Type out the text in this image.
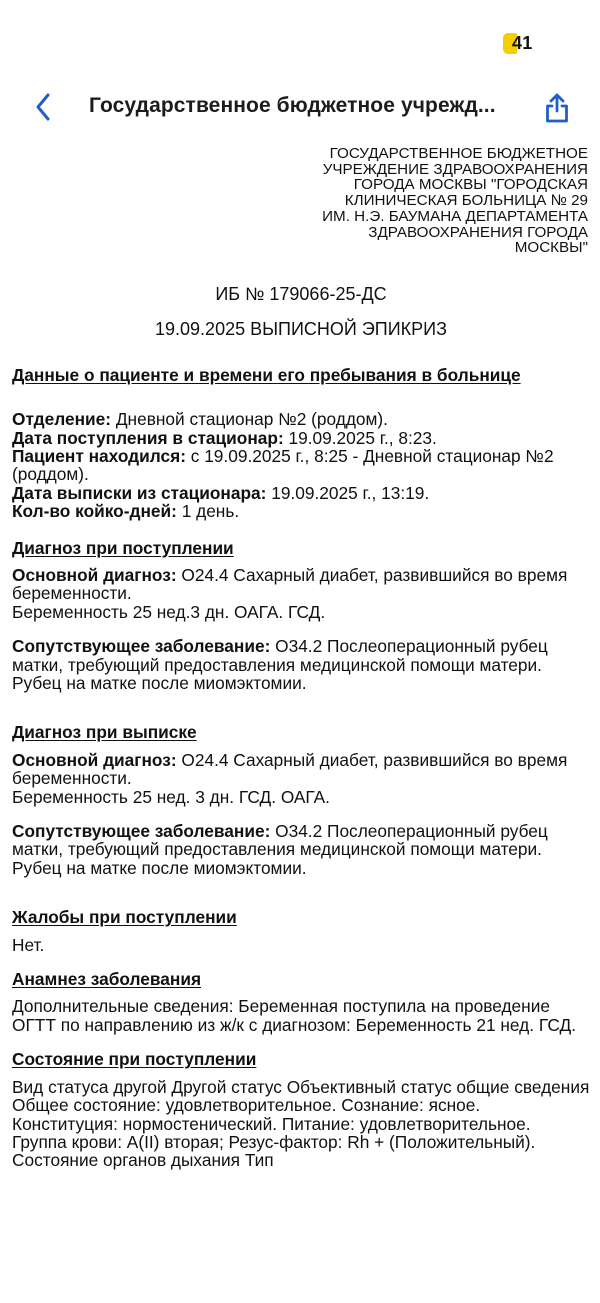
41
Государственное бюджетное учрежд...
ГОСУДАРСТВЕННОЕ БЮДЖЕТНОЕ
УЧРЕЖДЕНИЕ ЗДРАВООХРАНЕНИЯ
ГОРОДА МОСКВЫ "ГОРОДСКАЯ
КЛИНИЧЕСКАЯ БОЛЬНИЦА № 29
ИМ. Н.Э. БАУМАНА ДЕПАРТАМЕНТА
ЗДРАВООХРАНЕНИЯ ГОРОДА
МОСКВЫ"
ИБ № 179066-25-ДС
19.09.2025 ВЫПИСНОЙ ЭПИКРИЗ
Данные о пациенте и времени его пребывания в больнице
Отделение: Дневной стационар №2 (роддом).
Дата поступления в стационар: 19.09.2025 г., 8:23.
Пациент находился: с 19.09.2025 г., 8:25 - Дневной стационар №2 (роддом).
Дата выписки из стационара: 19.09.2025 г., 13:19.
Кол-во койко-дней: 1 день.
Диагноз при поступлении
Основной диагноз: O24.4 Сахарный диабет, развившийся во время беременности.
Беременность 25 нед.3 дн. ОАГА. ГСД.
Сопутствующее заболевание: O34.2 Послеоперационный рубец матки, требующий предоставления медицинской помощи матери.
Рубец на матке после миомэктомии.
Диагноз при выписке
Основной диагноз: O24.4 Сахарный диабет, развившийся во время беременности.
Беременность 25 нед. 3 дн. ГСД. ОАГА.
Сопутствующее заболевание: O34.2 Послеоперационный рубец матки, требующий предоставления медицинской помощи матери.
Рубец на матке после миомэктомии.
Жалобы при поступлении
Нет.
Анамнез заболевания
Дополнительные сведения: Беременная поступила на проведение ОГТТ по направлению из ж/к с диагнозом: Беременность 21 нед. ГСД.
Состояние при поступлении
Вид статуса другой Другой статус Объективный статус общие сведения Общее состояние: удовлетворительное. Сознание: ясное. Конституция: нормостенический. Питание: удовлетворительное. Группа крови: A(II) вторая; Резус-фактор: Rh + (Положительный). Состояние органов дыхания Тип
